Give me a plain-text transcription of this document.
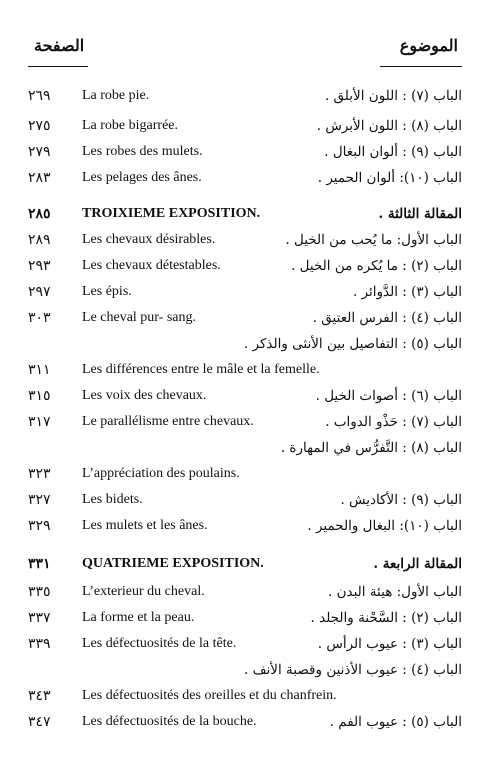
الموضوع
الصفحة
٢٦٩	La robe pie.	الباب (٧) : اللون الأبلق .
٢٧٥	La robe bigarrée.	الباب (٨) : اللون الأبرش .
٢٧٩	Les robes des mulets.	الباب (٩) : ألوان البغال .
٢٨٣	Les pelages des ânes.	الباب (١٠): ألوان الحمير .
٢٨٥	TROIXIEME EXPOSITION.	المقالة الثالثة .
٢٨٩	Les chevaux désirables.	الباب الأول: ما يُحب من الخيل .
٢٩٣	Les chevaux détestables.	الباب (٢) : ما يُكره من الخيل .
٢٩٧	Les épis.	الباب (٣) : الدَّوائر .
٣٠٣	Le cheval pur- sang.	الباب (٤) : الفرس العتيق .
الباب (٥) : التفاصيل بين الأنثى والذكر .
٣١١	Les différences entre le mâle et la femelle.
٣١٥	Les voix des chevaux.	الباب (٦) : أصوات الخيل .
٣١٧	Le parallélisme entre chevaux.	الباب (٧) : حَذْو الدواب .
الباب (٨) : التَّفرُّس في المهارة .
٣٢٣	L’appréciation des poulains.
٣٢٧	Les bidets.	الباب (٩) : الأكاديش .
٣٢٩	Les mulets et les ânes.	الباب (١٠): البغال والحمير .
٣٣١	QUATRIEME EXPOSITION.	المقالة الرابعة .
٣٣٥	L’exterieur du cheval.	الباب الأول: هيئة البدن .
٣٣٧	La forme et la peau.	الباب (٢) : السَّحْنة والجلد .
٣٣٩	Les défectuosités de la tête.	الباب (٣) : عيوب الرأس .
الباب (٤) : عيوب الأذنين وقصبة الأنف .
٣٤٣	Les défectuosités des oreilles et du chanfrein.
٣٤٧	Les défectuosités de la bouche.	الباب (٥) : عيوب الفم .
